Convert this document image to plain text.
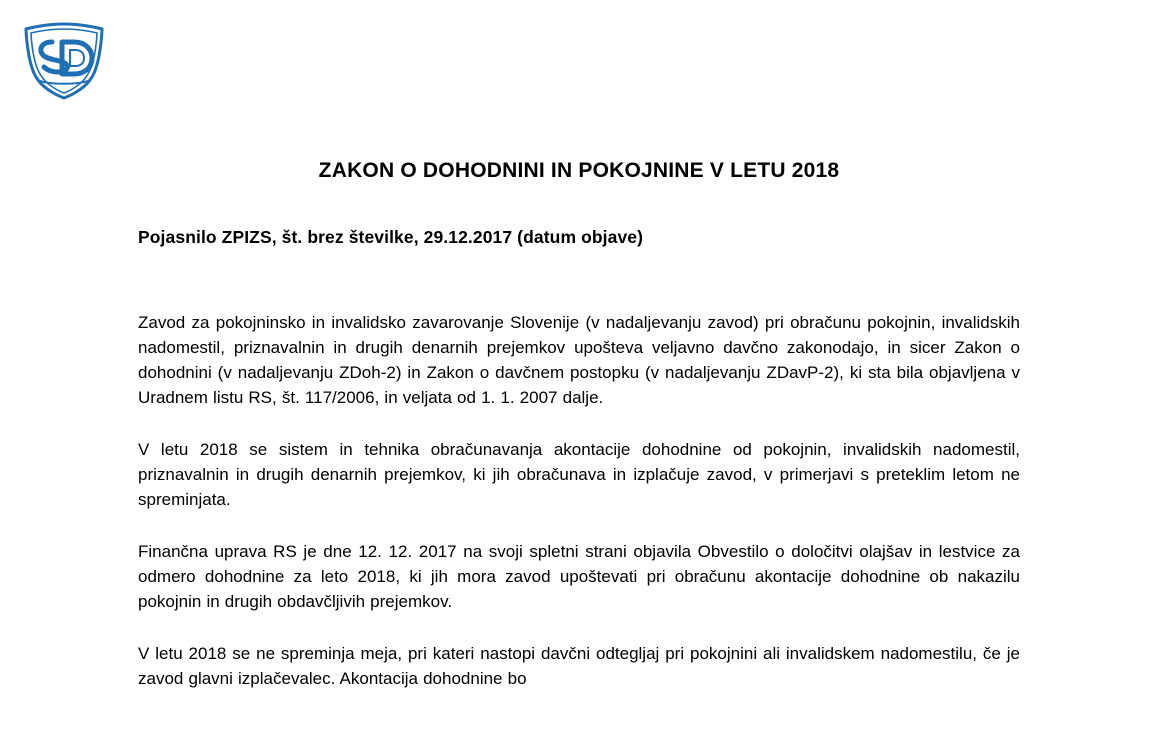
ZAKON O DOHODNINI IN POKOJNINE V LETU 2018
Pojasnilo ZPIZS, št. brez številke, 29.12.2017 (datum objave)

Zavod za pokojninsko in invalidsko zavarovanje Slovenije (v nadaljevanju zavod) pri obračunu pokojnin, invalidskih nadomestil, priznavalnin in drugih denarnih prejemkov upošteva veljavno davčno zakonodajo, in sicer Zakon o dohodnini (v nadaljevanju ZDoh-2) in Zakon o davčnem postopku (v nadaljevanju ZDavP-2), ki sta bila objavljena v Uradnem listu RS, št. 117/2006, in veljata od 1. 1. 2007 dalje.

V letu 2018 se sistem in tehnika obračunavanja akontacije dohodnine od pokojnin, invalidskih nadomestil, priznavalnin in drugih denarnih prejemkov, ki jih obračunava in izplačuje zavod, v primerjavi s preteklim letom ne spreminjata.

Finančna uprava RS je dne 12. 12. 2017 na svoji spletni strani objavila Obvestilo o določitvi olajšav in lestvice za odmero dohodnine za leto 2018, ki jih mora zavod upoštevati pri obračunu akontacije dohodnine ob nakazilu pokojnin in drugih obdavčljivih prejemkov.

V letu 2018 se ne spreminja meja, pri kateri nastopi davčni odtegljaj pri pokojnini ali invalidskem nadomestilu, če je zavod glavni izplačevalec. Akontacija dohodnine bo
